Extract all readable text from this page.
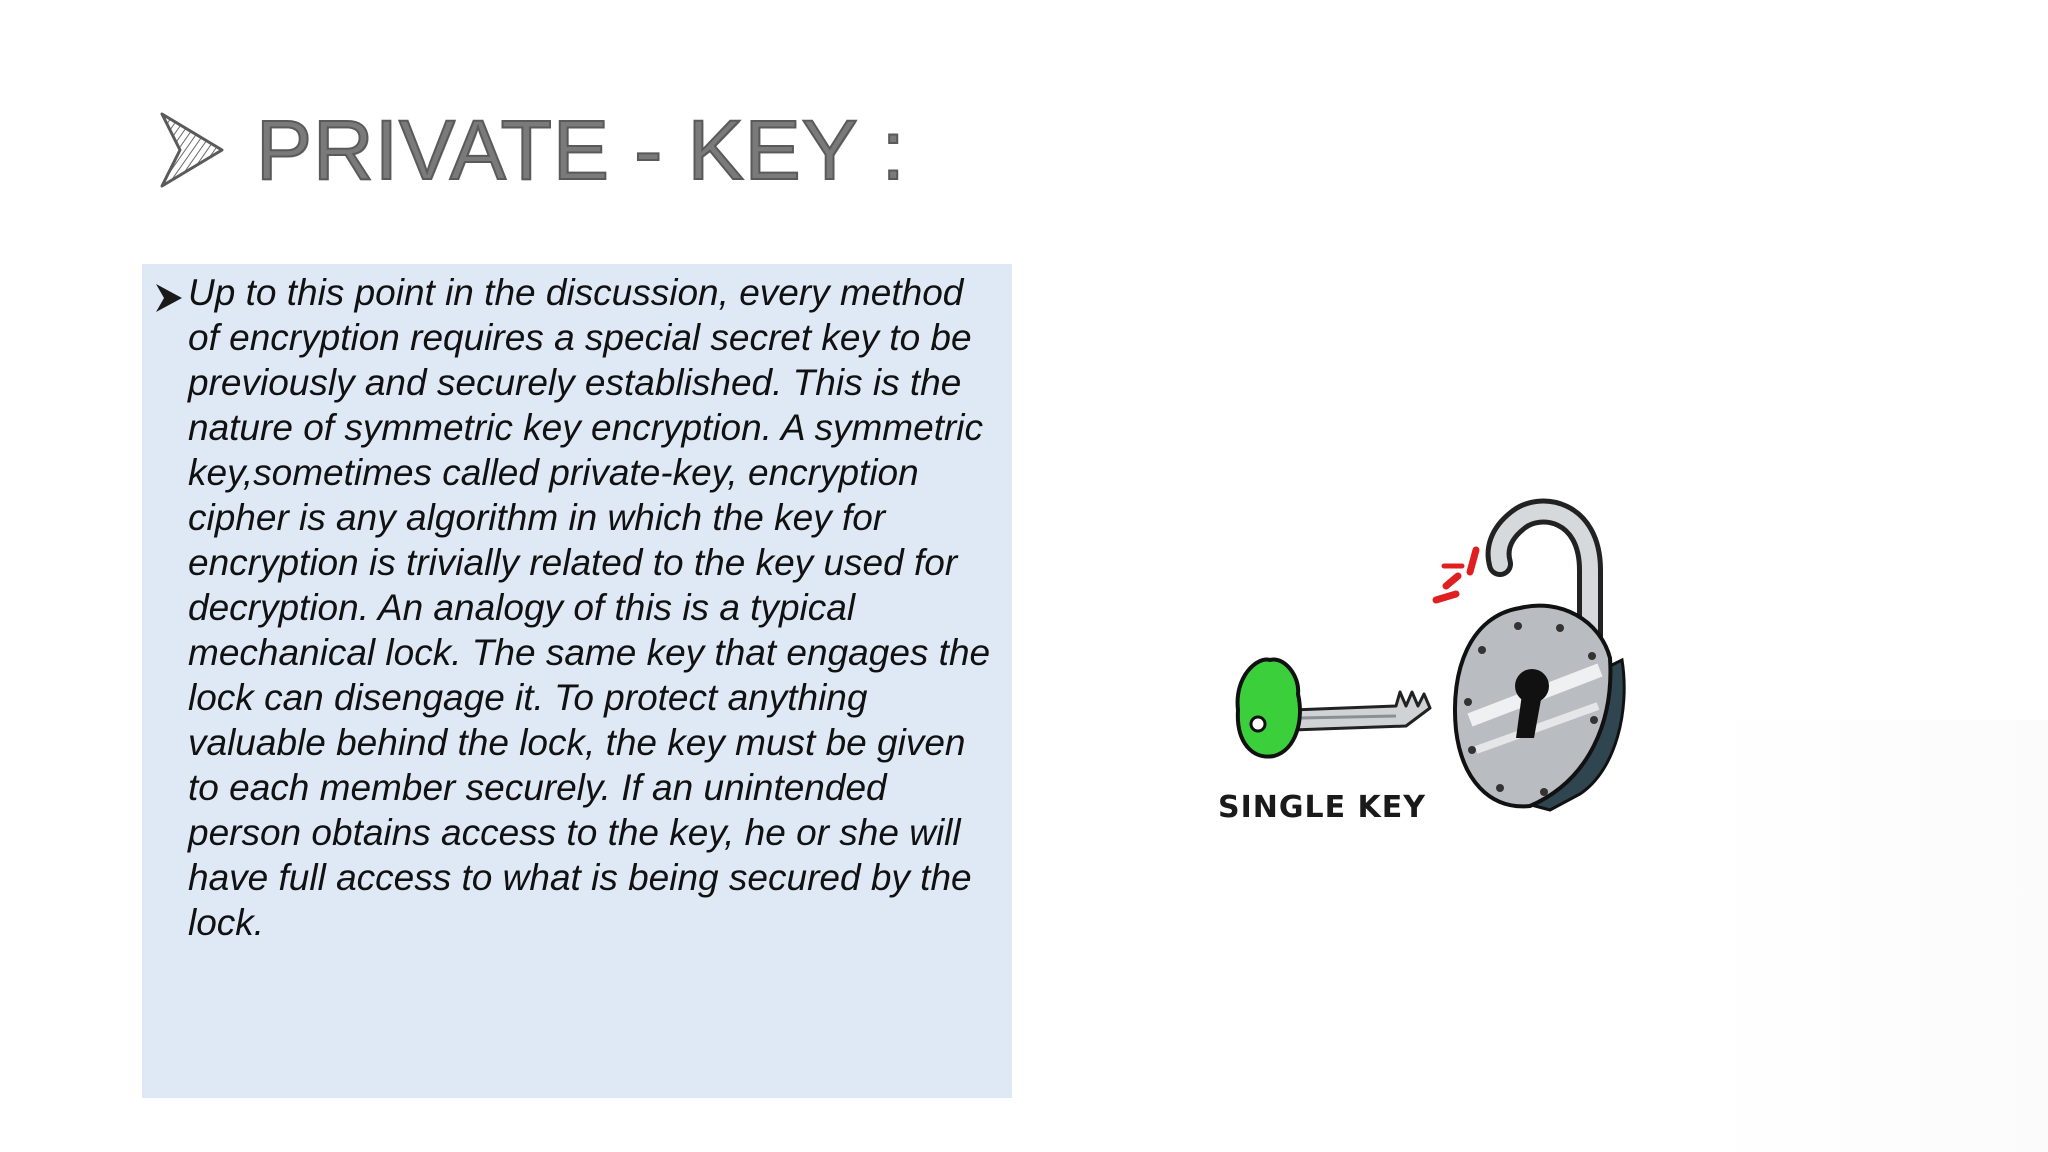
PRIVATE - KEY :

Up to this point in the discussion, every method of encryption requires a special secret key to be previously and securely established. This is the nature of symmetric key encryption. A symmetric key,sometimes called private-key, encryption cipher is any algorithm in which the key for encryption is trivially related to the key used for decryption. An analogy of this is a typical mechanical lock. The same key that engages the lock can disengage it. To protect anything valuable behind the lock, the key must be given to each member securely. If an unintended person obtains access to the key, he or she will have full access to what is being secured by the lock.

SINGLE KEY
